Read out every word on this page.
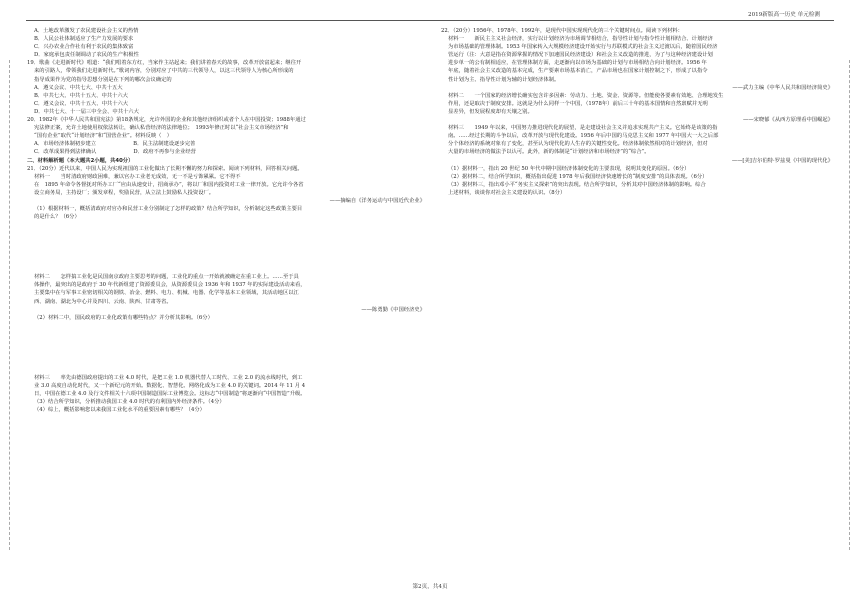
2019新版高一历史 单元检测
A．土地改革激发了农民建设社会主义的热情
B．人民公社体制适应了生产力发展的要求
C．兴办农业合作社有利于农民的集体致富
D．家庭承包责任制调动了农民的生产积极性
19．歌曲《走进新时代》唱道：“我们唱着东方红，当家作主站起来；我们讲着春天的故事，改革开放富起来；继往开
来的引路人，带领我们走进新时代。”歌词内容，分别对应了中共的三代领导人，以这三代领导人为核心所形成的
指导成果作为党的指导思想分别是在下列的哪次会议确定的
A．遵义会议、中共七大、中共十五大
B．中共七大、中共十五大、中共十六大
C．遵义会议、中共十五大、中共十六大
D．中共七大、十一届三中全会、中共十六大
20．1982年《中华人民共和国宪法》第18条规定，允许外国的企业和其他经济组织或者个人在中国投资；1988年通过
宪法修正案，允许土地使用权依法转让，确认私营经济的法律地位；　1993年修正时以“社会主义市场经济”和
“国有企业”取代“计划经济”和“国营企业”。材料反映（　）
A．市场经济体制初步建立　　　　　　　B．民主法制建设逐步完善
C．改革成果得到法律确认　　　　　　　D．政府不再参与企业经营
二、材料解析题（本大题共2小题，共40分）
21．（20分）近代以来，中国人民为实现祖国的工业化做出了长期不懈的努力和探索。阅读下列材料，回答相关问题。
材料一　　当时清政府财政困难，兼以官办工业老无成效，无一不是亏饰累累。它不得不
在　1895 年命令各督抚对所办工厂“应由从速变计，招商承办”，将以厂和国内投资对工业一律开放。它允许今各省
设立商务局，主持设厂；颁发章程，奖励民营，从立法上鼓励私人投资设厂。
——摘编自《洋务运动与中国近代企业》
（1）根据材料一，概括清政府对官办和民营工业分别制定了怎样的政策？结合所学知识，分析制定这些政策主要目
的是什么？（6分）
材料二　　怎样搞工业化是民国南京政府主要思考的问题，工业化的重点一开始就被确定在重工业上。……至于具
体操作，最突出的是政府于 30 年代新组建了资源委员会，从资源委员会 1936 年和 1937 年的实际建设活动来看，
主要集中在与军事工业密切相关的钢铁、冶金、燃料、电力、机械、电器、化学等基本工业领域，其活动地区以江
西、湖南、湖北为中心并及四川、云南、陕西、甘肃等省。
——陈勇勤《中国经济史》
（2）材料二中，国民政府的工业化政策有哪些特点？并分析其影响。（6分）
材料三　　率先由德国政府提出的工业 4.0 时代，是把工业 1.0 机器代替人工时代、工业 2.0 的流水线时代，到工
业 3.0 高度自动化时代，又一个新纪元的开始。数据化、智慧化、网络化成为工业 4.0 的关键词。2014 年 11 月 4
日，中国在德工业 4.0 及行文件相关十六项中国制造国际工业博览会。这标志“中国制造”将逐渐向“中国智造”升级。
（3）结合所学知识，分析推动我国工业 4.0 时代的有利国内外经济条件。（4分）
（4）综上，概括影响您以来我国工业化水平的重要因素有哪些？（4分）
22．（20分）1956年、1978年、1992年，是现代中国实现现代化的三个关键时间点。阅读下列材料：
材料一　　新民主主义社会经济，实行以计划经济为市场调节相结合，指导性计划与指令性计划相结合、计划经济
为市场基础的管理体制。1953 年国家转入大规模经济建设开始实行与苏联模式的社会主义过渡以后，随着国民经济
管运行（注：大意是指在资源掌握的情况下加速国民经济建设）和社会主义改造的推进，为了与这种经济建设计划
进步单一的公有制相适应，在管理体制方面，走逐渐向以市场为基础的计划与市场相结合向计划经济。1956 年
年底，随着社会主义改造的基本完成，生产要素市场基本消亡，产品市场也在国家计划控制之下，形成了以指令
性计划为主、指导性计划为辅的计划经济体制。
——武力主编《中华人民共和国经济简史》
材料二　　一个国家的经济增长确实包含许多因素：劳动力、土地、资金、资源等。但能使各要素有效地、合理地发生
作用，还是取决于制度安排。这就是为什么同样一个中国，（1978年）前后三十年的基本国情和自然禀赋并无明
显差异，但发展程度却有天壤之别。
——宋晓郁《从西方原理看中国崛起》
材料三　　1949 年以来，中国努力推进现代化的展望，是走建设社会主义并追求实现共产主义。它始终是该策的指
南。……经过长期的斗争以后，改革开放与现代化建设。1956 年后中国的马克思主义和 1977 年中国大一大之后部
分个体经济的系统对象有了变化，甚至认为现代化的人生存的关键性变化。经济体制依然相对的计划经济，但对
大量的市场经济的做法予以认可。此外，新的体制是“计划经济和市场经济”的“综合”。
——[美]吉尔伯特·罗兹曼《中国的现代化》
（1）据材料一，指出 20 世纪 50 年代中期中国经济体制变化的主要表现，说明其变化的原因。（6分）
（2）据材料二，结合所学知识，概括指出促进 1978 年后我国经济快速增长的“制度安排”的具体表现。（6分）
（3）据材料三，指出邓小平“务实主义探索”的突出表现。结合所学知识，分析其对中国经济体制的影响。综合
上述材料，谈谈你对社会主义建设的认识。（8分）
第2页，共4页
